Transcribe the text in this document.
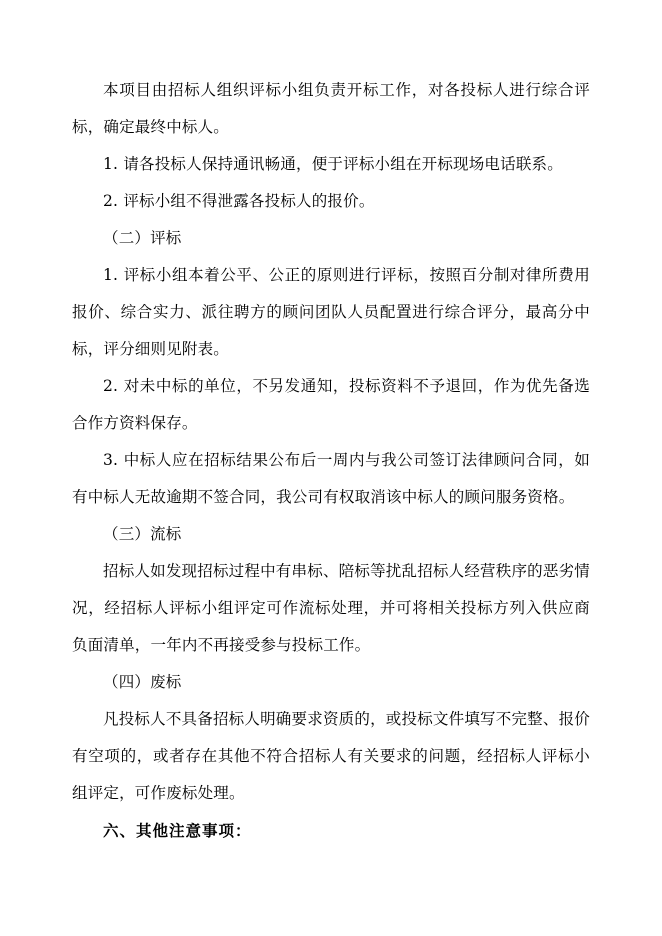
本项目由招标人组织评标小组负责开标工作，对各投标人进行综合评标，确定最终中标人。

1. 请各投标人保持通讯畅通，便于评标小组在开标现场电话联系。

2. 评标小组不得泄露各投标人的报价。

（二）评标

1. 评标小组本着公平、公正的原则进行评标，按照百分制对律所费用报价、综合实力、派往聘方的顾问团队人员配置进行综合评分，最高分中标，评分细则见附表。

2. 对未中标的单位，不另发通知，投标资料不予退回，作为优先备选合作方资料保存。

3. 中标人应在招标结果公布后一周内与我公司签订法律顾问合同，如有中标人无故逾期不签合同，我公司有权取消该中标人的顾问服务资格。

（三）流标

招标人如发现招标过程中有串标、陪标等扰乱招标人经营秩序的恶劣情况，经招标人评标小组评定可作流标处理，并可将相关投标方列入供应商负面清单，一年内不再接受参与投标工作。

（四）废标

凡投标人不具备招标人明确要求资质的，或投标文件填写不完整、报价有空项的，或者存在其他不符合招标人有关要求的问题，经招标人评标小组评定，可作废标处理。

六、其他注意事项：
